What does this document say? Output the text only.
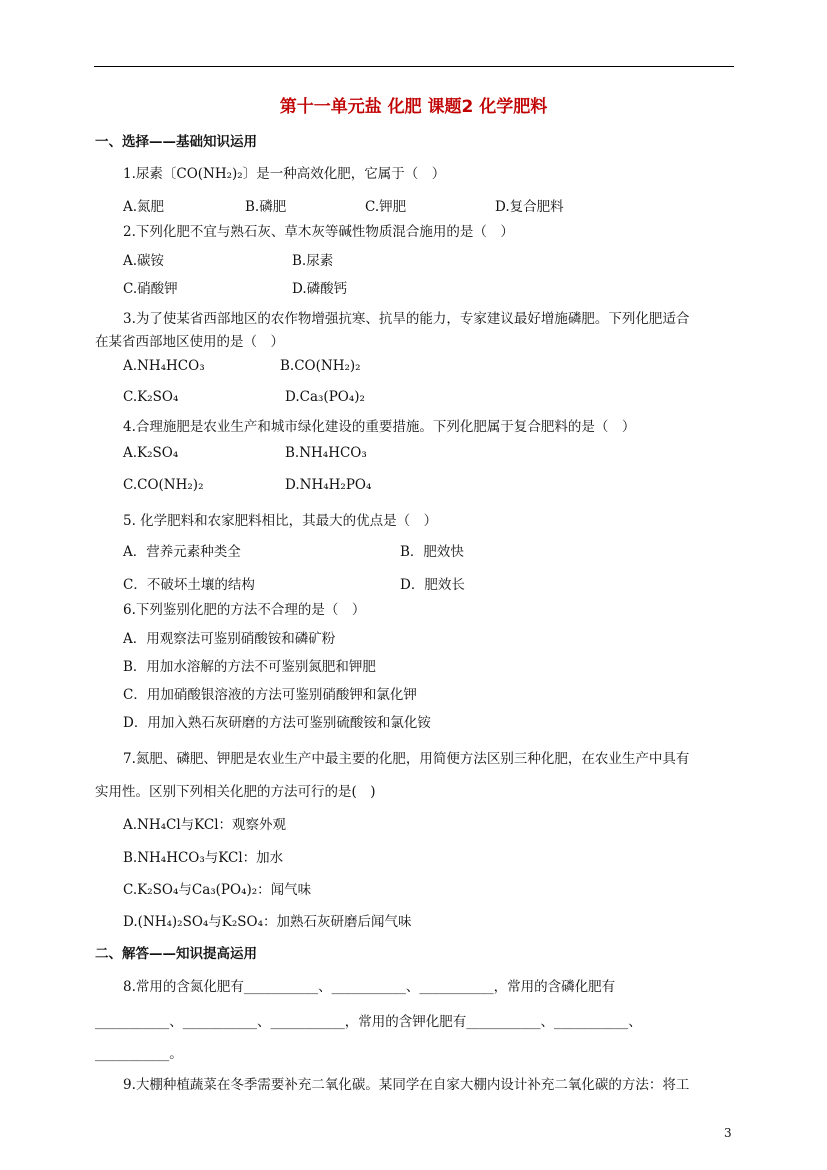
第十一单元盐 化肥 课题2 化学肥料
一、选择——基础知识运用
1.尿素〔CO(NH₂)₂〕是一种高效化肥，它属于（　）
A.氮肥	B.磷肥	C.钾肥	D.复合肥料
2.下列化肥不宜与熟石灰、草木灰等碱性物质混合施用的是（　）
A.碳铵	B.尿素
C.硝酸钾	D.磷酸钙
3.为了使某省西部地区的农作物增强抗寒、抗旱的能力，专家建议最好增施磷肥。下列化肥适合
在某省西部地区使用的是（　）
A.NH₄HCO₃	B.CO(NH₂)₂
C.K₂SO₄	D.Ca₃(PO₄)₂
4.合理施肥是农业生产和城市绿化建设的重要措施。下列化肥属于复合肥料的是（　）
A.K₂SO₄	B.NH₄HCO₃
C.CO(NH₂)₂	D.NH₄H₂PO₄
5. 化学肥料和农家肥料相比，其最大的优点是（　）
A．营养元素种类全	B．肥效快
C．不破坏土壤的结构	D．肥效长
6.下列鉴别化肥的方法不合理的是（　）
A．用观察法可鉴别硝酸铵和磷矿粉
B．用加水溶解的方法不可鉴别氮肥和钾肥
C．用加硝酸银溶液的方法可鉴别硝酸钾和氯化钾
D．用加入熟石灰研磨的方法可鉴别硫酸铵和氯化铵
7.氮肥、磷肥、钾肥是农业生产中最主要的化肥，用简便方法区别三种化肥，在农业生产中具有
实用性。区别下列相关化肥的方法可行的是(　)
A.NH₄Cl与KCl：观察外观
B.NH₄HCO₃与KCl：加水
C.K₂SO₄与Ca₃(PO₄)₂：闻气味
D.(NH₄)₂SO₄与K₂SO₄：加熟石灰研磨后闻气味
二、解答——知识提高运用
8.常用的含氮化肥有___________、___________、___________，常用的含磷化肥有
___________、___________、___________，常用的含钾化肥有___________、___________、
___________。
9.大棚种植蔬菜在冬季需要补充二氧化碳。某同学在自家大棚内设计补充二氧化碳的方法：将工
3
